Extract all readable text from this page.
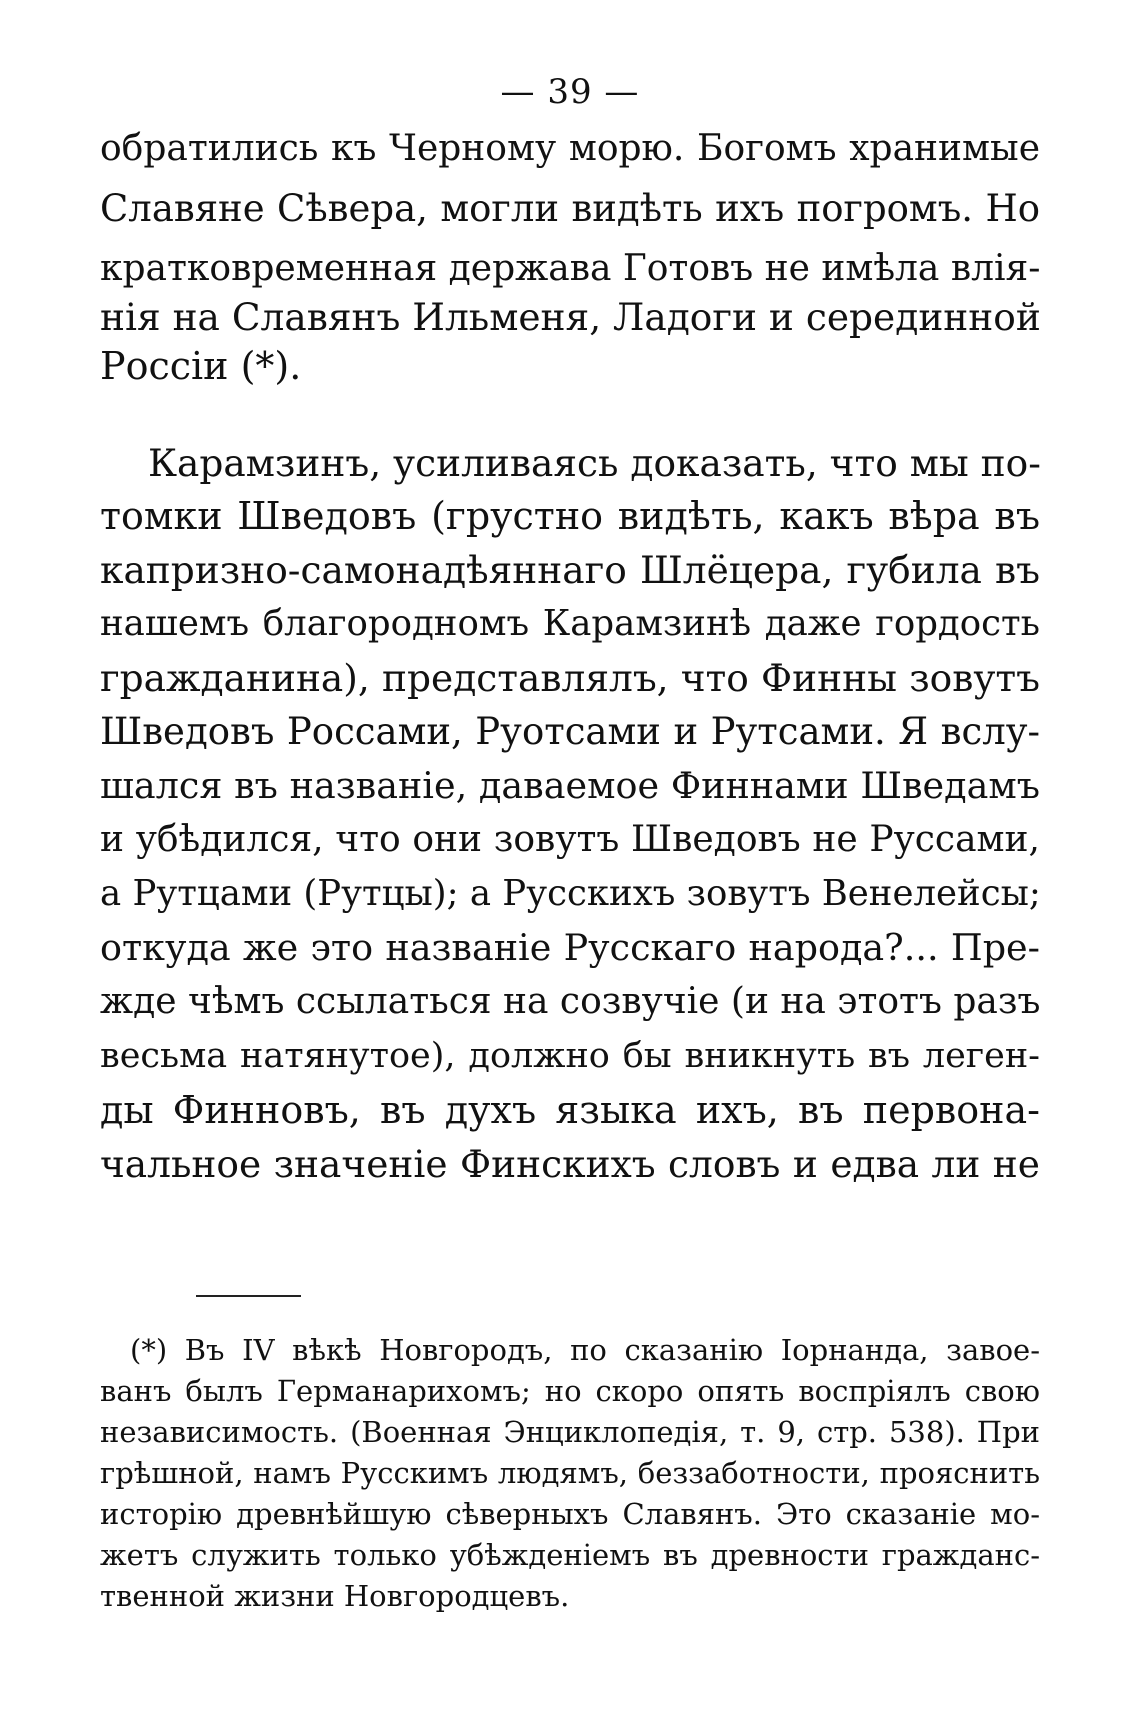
— 39 —
обратились къ Черному морю. Богомъ хранимые
Славяне Сѣвера, могли видѣть ихъ погромъ. Но
кратковременная держава Готовъ не имѣла влія-
нія на Славянъ Ильменя, Ладоги и серединной
Россіи (*).
Карамзинъ, усиливаясь доказать, что мы по-
томки Шведовъ (грустно видѣть, какъ вѣра въ
капризно-самонадѣяннаго Шлёцера, губила въ
нашемъ благородномъ Карамзинѣ даже гордость
гражданина), представлялъ, что Финны зовутъ
Шведовъ Россами, Руотсами и Рутсами. Я вслу-
шался въ названіе, даваемое Финнами Шведамъ
и убѣдился, что они зовутъ Шведовъ не Руссами,
а Рутцами (Рутцы); а Русскихъ зовутъ Венелейсы;
откуда же это названіе Русскаго народа?... Пре-
жде чѣмъ ссылаться на созвучіе (и на этотъ разъ
весьма натянутое), должно бы вникнуть въ леген-
ды Финновъ, въ духъ языка ихъ, въ первона-
чальное значеніе Финскихъ словъ и едва ли не
(*) Въ IV вѣкѣ Новгородъ, по сказанію Іорнанда, завое-
ванъ былъ Германарихомъ; но скоро опять воспріялъ свою
независимость. (Военная Энциклопедія, т. 9, стр. 538). При
грѣшной, намъ Русскимъ людямъ, беззаботности, прояснить
исторію древнѣйшую сѣверныхъ Славянъ. Это сказаніе мо-
жетъ служить только убѣжденіемъ въ древности гражданс-
твенной жизни Новгородцевъ.
